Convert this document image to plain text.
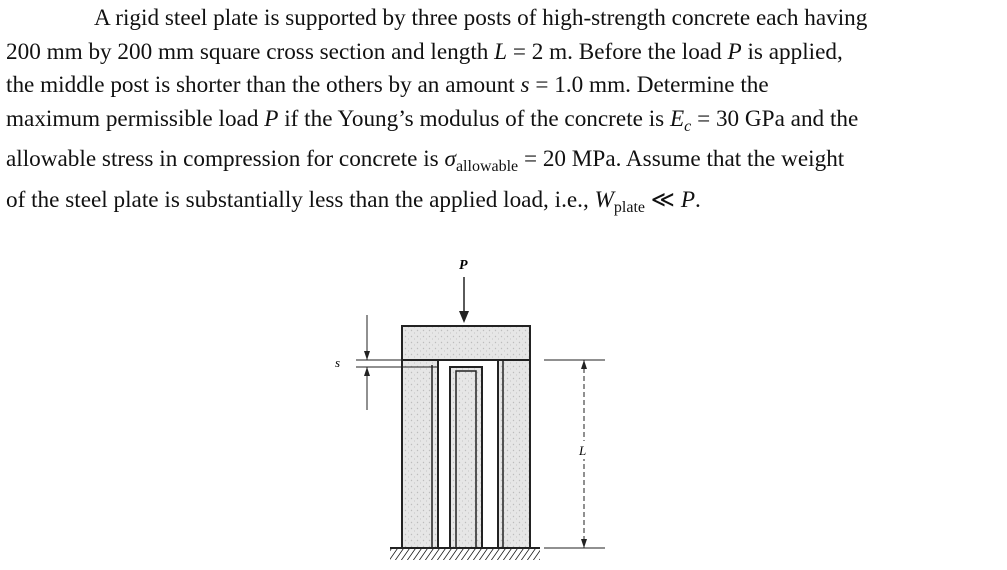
A rigid steel plate is supported by three posts of high-strength concrete each having
200 mm by 200 mm square cross section and length L = 2 m. Before the load P is applied,
the middle post is shorter than the others by an amount s = 1.0 mm. Determine the
maximum permissible load P if the Young’s modulus of the concrete is $E_c = 30$ GPa and the
allowable stress in compression for concrete is $\sigma_{allowable} = 20$ MPa. Assume that the weight
of the steel plate is substantially less than the applied load, i.e., $W_{plate}$ ≪ P.

P
s
L
